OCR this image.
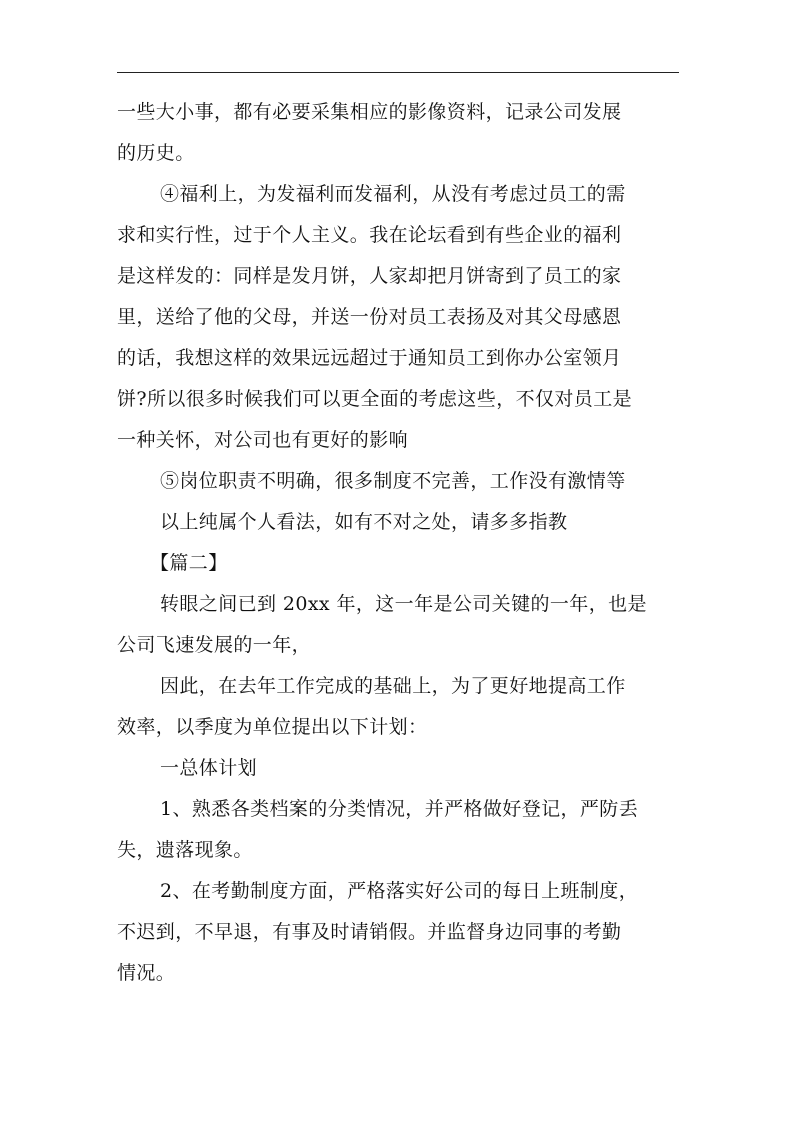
一些大小事，都有必要采集相应的影像资料，记录公司发展
的历史。
④福利上，为发福利而发福利，从没有考虑过员工的需
求和实行性，过于个人主义。我在论坛看到有些企业的福利
是这样发的：同样是发月饼，人家却把月饼寄到了员工的家
里，送给了他的父母，并送一份对员工表扬及对其父母感恩
的话，我想这样的效果远远超过于通知员工到你办公室领月
饼?所以很多时候我们可以更全面的考虑这些，不仅对员工是
一种关怀，对公司也有更好的影响
⑤岗位职责不明确，很多制度不完善，工作没有激情等
以上纯属个人看法，如有不对之处，请多多指教
【篇二】
转眼之间已到 20xx 年，这一年是公司关键的一年，也是
公司飞速发展的一年，
因此，在去年工作完成的基础上，为了更好地提高工作
效率，以季度为单位提出以下计划：
一总体计划
1、熟悉各类档案的分类情况，并严格做好登记，严防丢
失，遗落现象。
2、在考勤制度方面，严格落实好公司的每日上班制度，
不迟到，不早退，有事及时请销假。并监督身边同事的考勤
情况。
